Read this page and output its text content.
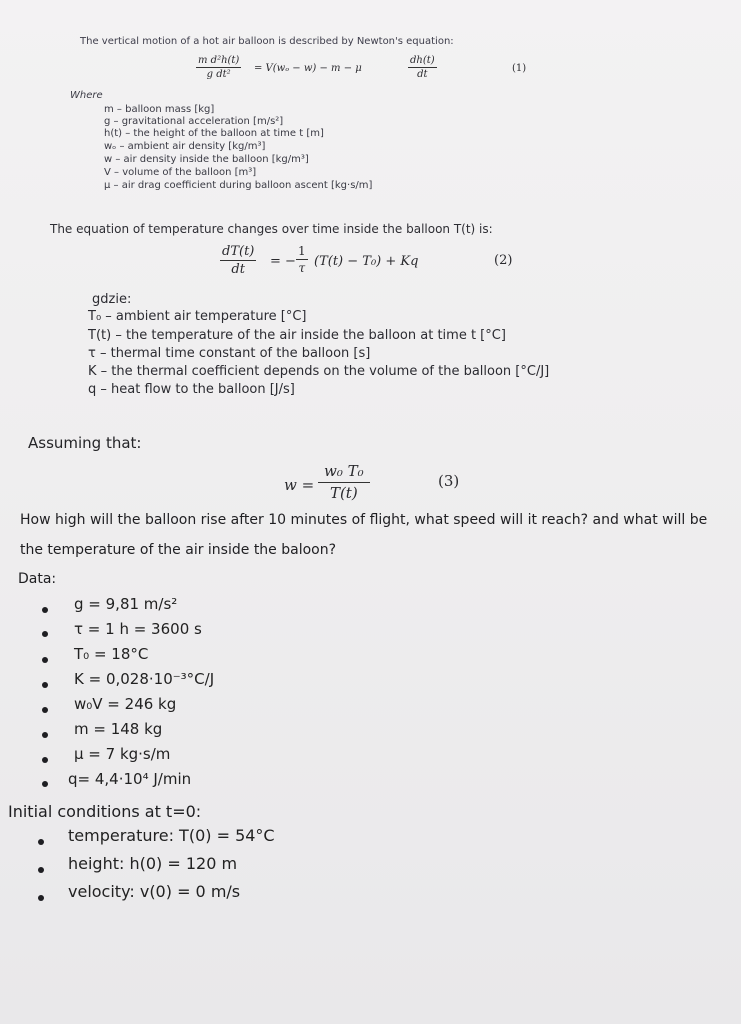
The vertical motion of a hot air balloon is described by Newton's equation:
$\frac{\text{m d²h(t)}}{\text{g dt²}} = V(w_o - w) - m - \mu$	$\frac{dh(t)}{dt}$	(1)
Where
m – balloon mass [kg]
g – gravitational acceleration [m/s²]
h(t) – the height of the balloon at time t [m]
wₒ – ambient air density [kg/m³]
w – air density inside the balloon [kg/m³]
V – volume of the balloon [m³]
μ – air drag coefficient during balloon ascent [kg·s/m]
The equation of temperature changes over time inside the balloon T(t) is:
$\frac{dT(t)}{dt}$ = − $\frac{1}{\tau} (T(t) - T_0) + Kq$	(2)
gdzie:
T₀ – ambient air temperature [°C]
T(t) – the temperature of the air inside the balloon at time t [°C]
τ – thermal time constant of the balloon [s]
K – the thermal coefficient depends on the volume of the balloon [°C/J]
q – heat flow to the balloon [J/s]
Assuming that:
$w = \frac{\text{w₀ T₀}}{T(t)}$	(3)
How high will the balloon rise after 10 minutes of flight, what speed will it reach? and what will be
the temperature of the air inside the baloon?
Data:
g = 9,81 m/s²
τ = 1 h = 3600 s
T₀ = 18°C
K = 0,028·10⁻³°C/J
w₀V = 246 kg
m = 148 kg
μ = 7 kg·s/m
q= 4,4·10⁴ J/min
Initial conditions at t=0:
temperature: T(0) = 54°C
height: h(0) = 120 m
velocity: v(0) = 0 m/s
